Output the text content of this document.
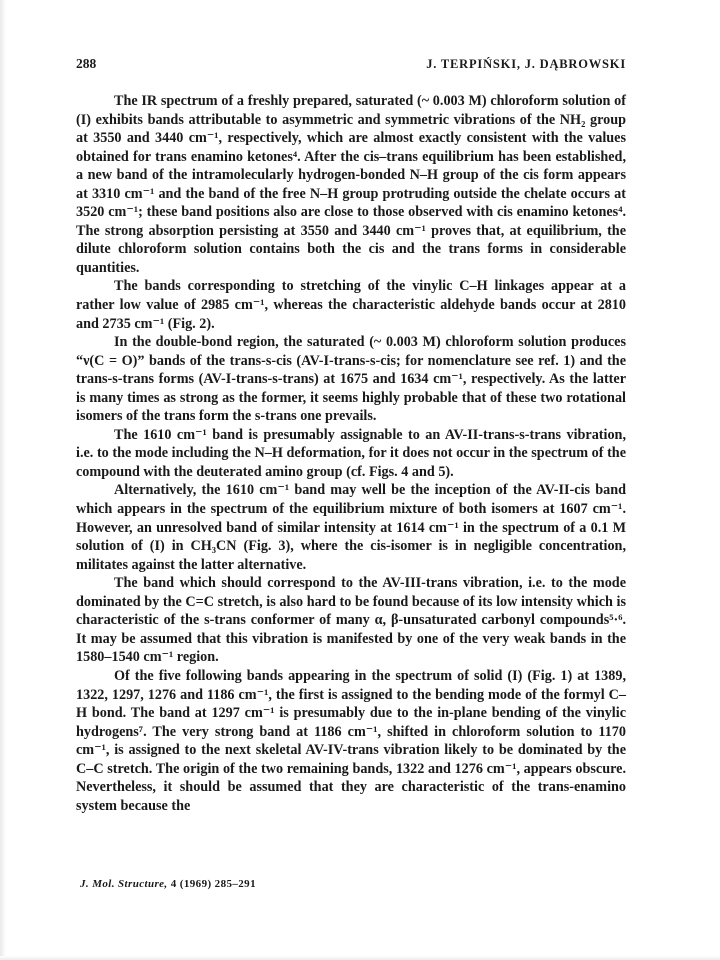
288	J. TERPIŃSKI, J. DĄBROWSKI

The IR spectrum of a freshly prepared, saturated (~ 0.003 M) chloroform solution of (I) exhibits bands attributable to asymmetric and symmetric vibrations of the NH₂ group at 3550 and 3440 cm⁻¹, respectively, which are almost exactly consistent with the values obtained for trans enamino ketones⁴. After the cis–trans equilibrium has been established, a new band of the intramolecularly hydrogen-bonded N–H group of the cis form appears at 3310 cm⁻¹ and the band of the free N–H group protruding outside the chelate occurs at 3520 cm⁻¹; these band positions also are close to those observed with cis enamino ketones⁴. The strong absorption persisting at 3550 and 3440 cm⁻¹ proves that, at equilibrium, the dilute chloroform solution contains both the cis and the trans forms in considerable quantities.

The bands corresponding to stretching of the vinylic C–H linkages appear at a rather low value of 2985 cm⁻¹, whereas the characteristic aldehyde bands occur at 2810 and 2735 cm⁻¹ (Fig. 2).

In the double-bond region, the saturated (~ 0.003 M) chloroform solution produces “ν(C = O)” bands of the trans-s-cis (AV-I-trans-s-cis; for nomenclature see ref. 1) and the trans-s-trans forms (AV-I-trans-s-trans) at 1675 and 1634 cm⁻¹, respectively. As the latter is many times as strong as the former, it seems highly probable that of these two rotational isomers of the trans form the s-trans one prevails.

The 1610 cm⁻¹ band is presumably assignable to an AV-II-trans-s-trans vibration, i.e. to the mode including the N–H deformation, for it does not occur in the spectrum of the compound with the deuterated amino group (cf. Figs. 4 and 5).

Alternatively, the 1610 cm⁻¹ band may well be the inception of the AV-II-cis band which appears in the spectrum of the equilibrium mixture of both isomers at 1607 cm⁻¹. However, an unresolved band of similar intensity at 1614 cm⁻¹ in the spectrum of a 0.1 M solution of (I) in CH₃CN (Fig. 3), where the cis-isomer is in negligible concentration, militates against the latter alternative.

The band which should correspond to the AV-III-trans vibration, i.e. to the mode dominated by the C=C stretch, is also hard to be found because of its low intensity which is characteristic of the s-trans conformer of many α, β-unsaturated carbonyl compounds⁵·⁶. It may be assumed that this vibration is manifested by one of the very weak bands in the 1580–1540 cm⁻¹ region.

Of the five following bands appearing in the spectrum of solid (I) (Fig. 1) at 1389, 1322, 1297, 1276 and 1186 cm⁻¹, the first is assigned to the bending mode of the formyl C–H bond. The band at 1297 cm⁻¹ is presumably due to the in-plane bending of the vinylic hydrogens⁷. The very strong band at 1186 cm⁻¹, shifted in chloroform solution to 1170 cm⁻¹, is assigned to the next skeletal AV-IV-trans vibration likely to be dominated by the C–C stretch. The origin of the two remaining bands, 1322 and 1276 cm⁻¹, appears obscure. Nevertheless, it should be assumed that they are characteristic of the trans-enamino system because the

J. Mol. Structure, 4 (1969) 285–291
